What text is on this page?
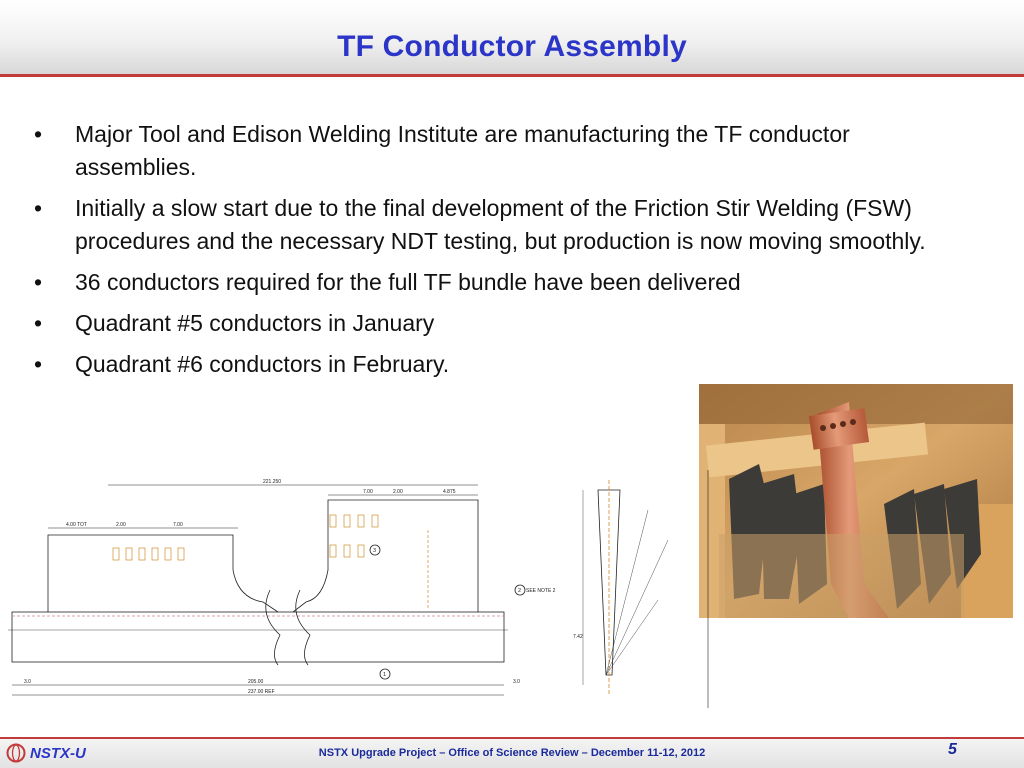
TF Conductor Assembly
• Major Tool and Edison Welding Institute are manufacturing the TF conductor assemblies.
• Initially a slow start due to the final development of the Friction Stir Welding (FSW) procedures and the necessary NDT testing, but production is now moving smoothly.
• 36 conductors required for the full TF bundle have been delivered
• Quadrant #5 conductors in January
• Quadrant #6 conductors in February.
221.250
7.00	2.00	4.875
4.00 TOT	2.00	7.00
SEE NOTE 2
205.00
237.00 REF
3.0	3.0
7.42
1
2
3
NSTX-U	NSTX Upgrade Project – Office of Science Review – December 11-12, 2012	5
